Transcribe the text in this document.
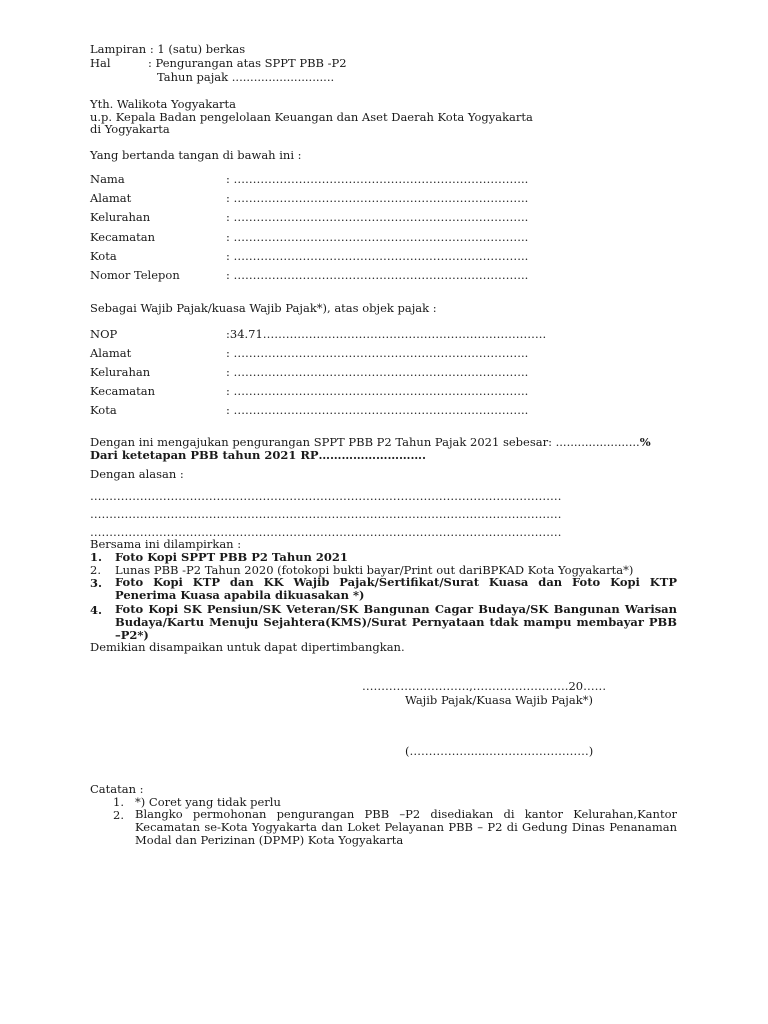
Lampiran : 1 (satu) berkas
Hal	: Pengurangan atas SPPT PBB -P2
Tahun pajak ............................
Yth. Walikota Yogyakarta
u.p. Kepala Badan pengelolaan Keuangan dan Aset Daerah Kota Yogyakarta
di Yogyakarta
Yang bertanda tangan di bawah ini :
Nama	: …………………………………………………………………..
Alamat	: …………………………………………………………………..
Kelurahan	: …………………………………………………………………..
Kecamatan	: …………………………………………………………………..
Kota	: …………………………………………………………………..
Nomor Telepon	: …………………………………………………………………..
Sebagai Wajib Pajak/kuasa Wajib Pajak*), atas objek pajak :
NOP	:34.71………………………………………………………………..
Alamat	: …………………………………………………………………..
Kelurahan	: …………………………………………………………………..
Kecamatan	: …………………………………………………………………..
Kota	: …………………………………………………………………..
Dengan ini mengajukan pengurangan SPPT PBB P2 Tahun Pajak 2021 sebesar: .......................%
Dari ketetapan PBB tahun 2021 RP……………………….
Dengan alasan :
……………………………………………………………………………………………………………
……………………………………………………………………………………………………………
……………………………………………………………………………………………………………
Bersama ini dilampirkan :
1. Foto Kopi SPPT PBB P2 Tahun 2021
2. Lunas PBB -P2 Tahun 2020 (fotokopi bukti bayar/Print out dariBPKAD Kota Yogyakarta*)
3. Foto Kopi KTP dan KK Wajib Pajak/Sertifikat/Surat Kuasa dan Foto Kopi KTP Penerima Kuasa apabila dikuasakan *)
4. Foto Kopi SK Pensiun/SK Veteran/SK Bangunan Cagar Budaya/SK Bangunan Warisan Budaya/Kartu Menuju Sejahtera(KMS)/Surat Pernyataan tdak mampu membayar PBB –P2*)
Demikian disampaikan untuk dapat dipertimbangkan.
……………………….,…………………….20……
Wajib Pajak/Kuasa Wajib Pajak*)
(…………….....………………………)
Catatan :
1. *) Coret yang tidak perlu
2. Blangko permohonan pengurangan PBB –P2 disediakan di kantor Kelurahan,Kantor Kecamatan se-Kota Yogyakarta dan Loket Pelayanan PBB – P2 di Gedung Dinas Penanaman Modal dan Perizinan (DPMP) Kota Yogyakarta
